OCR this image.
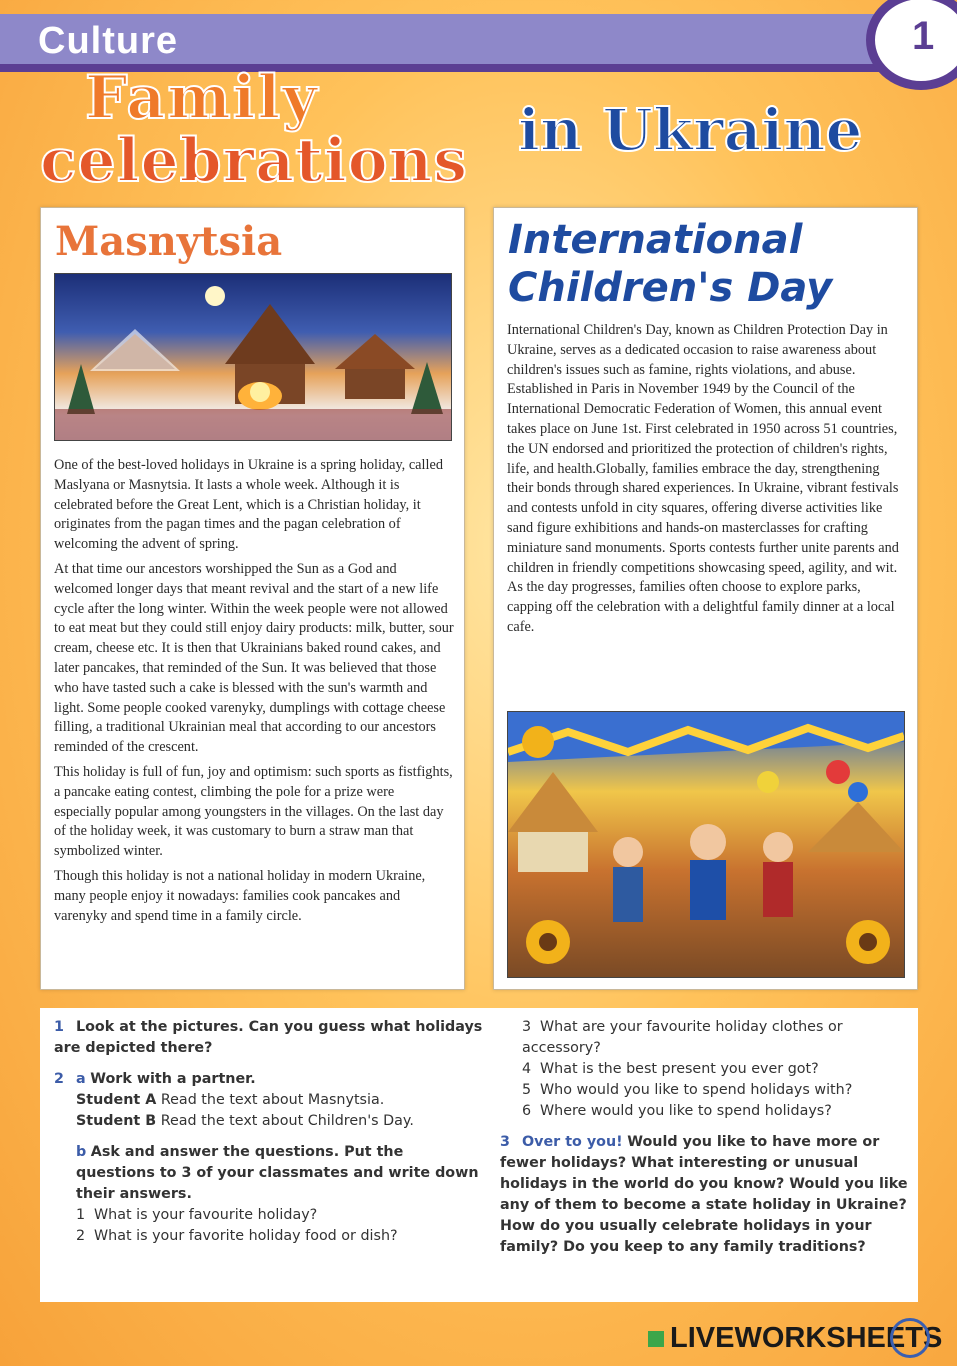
Culture	1
Family
celebrations in Ukraine
Masnytsia

One of the best-loved holidays in Ukraine is a spring holiday, called Maslyana or Masnytsia. It lasts a whole week. Although it is celebrated before the Great Lent, which is a Christian holiday, it originates from the pagan times and the pagan celebration of welcoming the advent of spring.

At that time our ancestors worshipped the Sun as a God and welcomed longer days that meant revival and the start of a new life cycle after the long winter. Within the week people were not allowed to eat meat but they could still enjoy dairy products: milk, butter, sour cream, cheese etc. It is then that Ukrainians baked round cakes, and later pancakes, that reminded of the Sun. It was believed that those who have tasted such a cake is blessed with the sun's warmth and light. Some people cooked varenyky, dumplings with cottage cheese filling, a traditional Ukrainian meal that according to our ancestors reminded of the crescent.

This holiday is full of fun, joy and optimism: such sports as fistfights, a pancake eating contest, climbing the pole for a prize were especially popular among youngsters in the villages. On the last day of the holiday week, it was customary to burn a straw man that symbolized winter.

Though this holiday is not a national holiday in modern Ukraine, many people enjoy it nowadays: families cook pancakes and varenyky and spend time in a family circle.

International
Children's Day

International Children's Day, known as Children Protection Day in Ukraine, serves as a dedicated occasion to raise awareness about children's issues such as famine, rights violations, and abuse. Established in Paris in November 1949 by the Council of the International Democratic Federation of Women, this annual event takes place on June 1st. First celebrated in 1950 across 51 countries, the UN endorsed and prioritized the protection of children's rights, life, and health.Globally, families embrace the day, strengthening their bonds through shared experiences. In Ukraine, vibrant festivals and contests unfold in city squares, offering diverse activities like sand figure exhibitions and hands-on masterclasses for crafting miniature sand monuments. Sports contests further unite parents and children in friendly competitions showcasing speed, agility, and wit. As the day progresses, families often choose to explore parks, capping off the celebration with a delightful family dinner at a local cafe.

1 Look at the pictures. Can you guess what holidays are depicted there?
2 a Work with a partner.
Student A Read the text about Masnytsia.
Student B Read the text about Children's Day.
b Ask and answer the questions. Put the questions to 3 of your classmates and write down their answers.
1 What is your favourite holiday?
2 What is your favorite holiday food or dish?
3 What are your favourite holiday clothes or accessory?
4 What is the best present you ever got?
5 Who would you like to spend holidays with?
6 Where would you like to spend holidays?
3 Over to you! Would you like to have more or fewer holidays? What interesting or unusual holidays in the world do you know? Would you like any of them to become a state holiday in Ukraine? How do you usually celebrate holidays in your family? Do you keep to any family traditions?
LIVEWORKSHEETS
